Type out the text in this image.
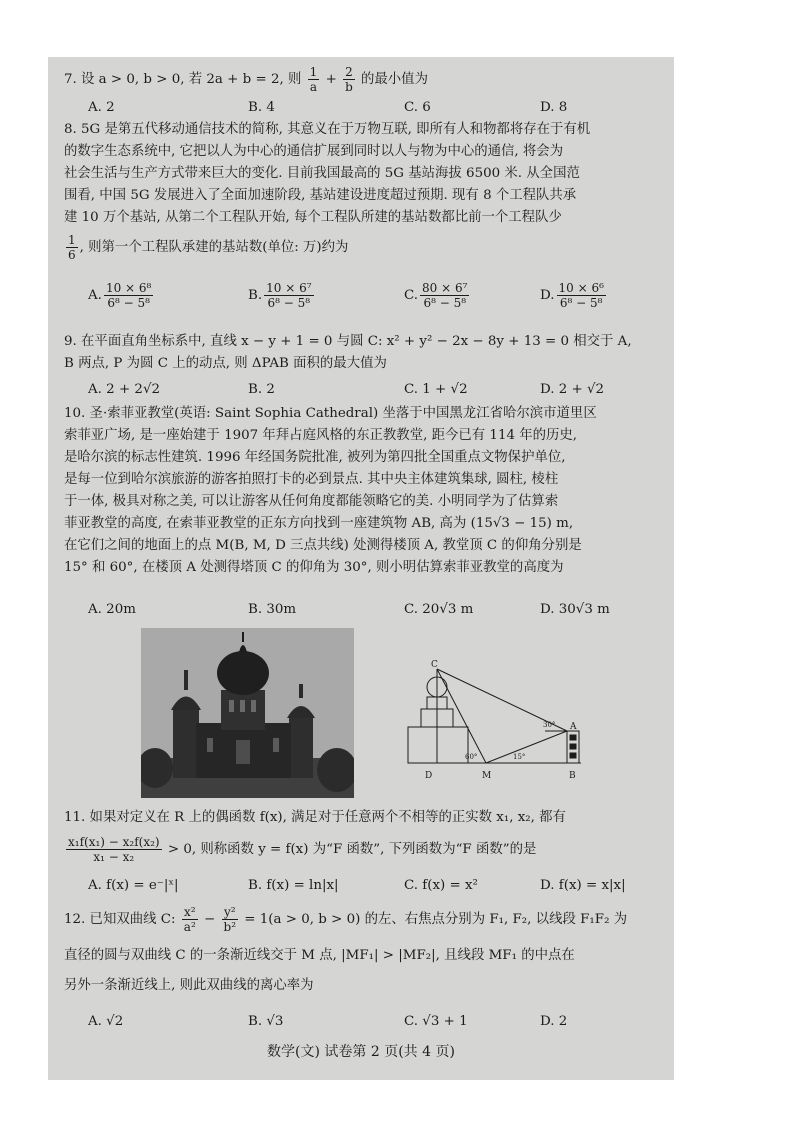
7. 设 a > 0, b > 0, 若 2a + b = 2, 则 $\frac{1}{a} + \frac{2}{b}$ 的最小值为
A. 2	B. 4	C. 6	D. 8
8. 5G 是第五代移动通信技术的简称, 其意义在于万物互联, 即所有人和物都将存在于有机
的数字生态系统中, 它把以人为中心的通信扩展到同时以人与物为中心的通信, 将会为
社会生活与生产方式带来巨大的变化. 目前我国最高的 5G 基站海拔 6500 米. 从全国范
围看, 中国 5G 发展进入了全面加速阶段, 基站建设进度超过预期. 现有 8 个工程队共承
建 10 万个基站, 从第二个工程队开始, 每个工程队所建的基站数都比前一个工程队少
$\frac{1}{6}$ , 则第一个工程队承建的基站数(单位: 万)约为
A. $\frac{\text{10 × 6⁸}}{\text{6⁸ − 5⁸}}$	B. $\frac{\text{10 × 6⁷}}{\text{6⁸ − 5⁸}}$	C. $\frac{\text{80 × 6⁷}}{\text{6⁸ − 5⁸}}$	D. $\frac{\text{10 × 6⁶}}{\text{6⁸ − 5⁸}}$
9. 在平面直角坐标系中, 直线 x − y + 1 = 0 与圆 C: x² + y² − 2x − 8y + 13 = 0 相交于 A,
B 两点, P 为圆 C 上的动点, 则 ΔPAB 面积的最大值为
A. 2 + 2√2	B. 2	C. 1 + √2	D. 2 + √2
10. 圣·索菲亚教堂(英语: Saint Sophia Cathedral) 坐落于中国黑龙江省哈尔滨市道里区
索菲亚广场, 是一座始建于 1907 年拜占庭风格的东正教教堂, 距今已有 114 年的历史,
是哈尔滨的标志性建筑. 1996 年经国务院批准, 被列为第四批全国重点文物保护单位,
是每一位到哈尔滨旅游的游客拍照打卡的必到景点. 其中央主体建筑集球, 圆柱, 棱柱
于一体, 极具对称之美, 可以让游客从任何角度都能领略它的美. 小明同学为了估算索
菲亚教堂的高度, 在索菲亚教堂的正东方向找到一座建筑物 AB, 高为 (15√3 − 15) m,
在它们之间的地面上的点 M(B, M, D 三点共线) 处测得楼顶 A, 教堂顶 C 的仰角分别是
15° 和 60°, 在楼顶 A 处测得塔顶 C 的仰角为 30°, 则小明估算索菲亚教堂的高度为
A. 20m	B. 30m	C. 20√3 m	D. 30√3 m
C
A
D	M	B
60°	15°
30°
11. 如果对定义在 R 上的偶函数 f(x), 满足对于任意两个不相等的正实数 x₁, x₂, 都有
$\frac{\text{x₁f(x₁) − x₂f(x₂)}}{\text{x₁ − x₂}} > 0$, 则称函数 y = f(x) 为“F 函数”, 下列函数为“F 函数”的是
A. f(x) = e⁻|ˣ|	B. f(x) = ln|x|	C. f(x) = x²	D. f(x) = x|x|
12. 已知双曲线 C: $\frac{\text{x²}}{\text{a²}} - \frac{\text{y²}}{\text{b²}} = 1(a > 0$, b > 0) 的左、右焦点分别为 F₁, F₂, 以线段 F₁F₂ 为
直径的圆与双曲线 C 的一条渐近线交于 M 点, |MF₁| > |MF₂|, 且线段 MF₁ 的中点在
另外一条渐近线上, 则此双曲线的离心率为
A. √2	B. √3	C. √3 + 1	D. 2
数学(文) 试卷第 2 页(共 4 页)
